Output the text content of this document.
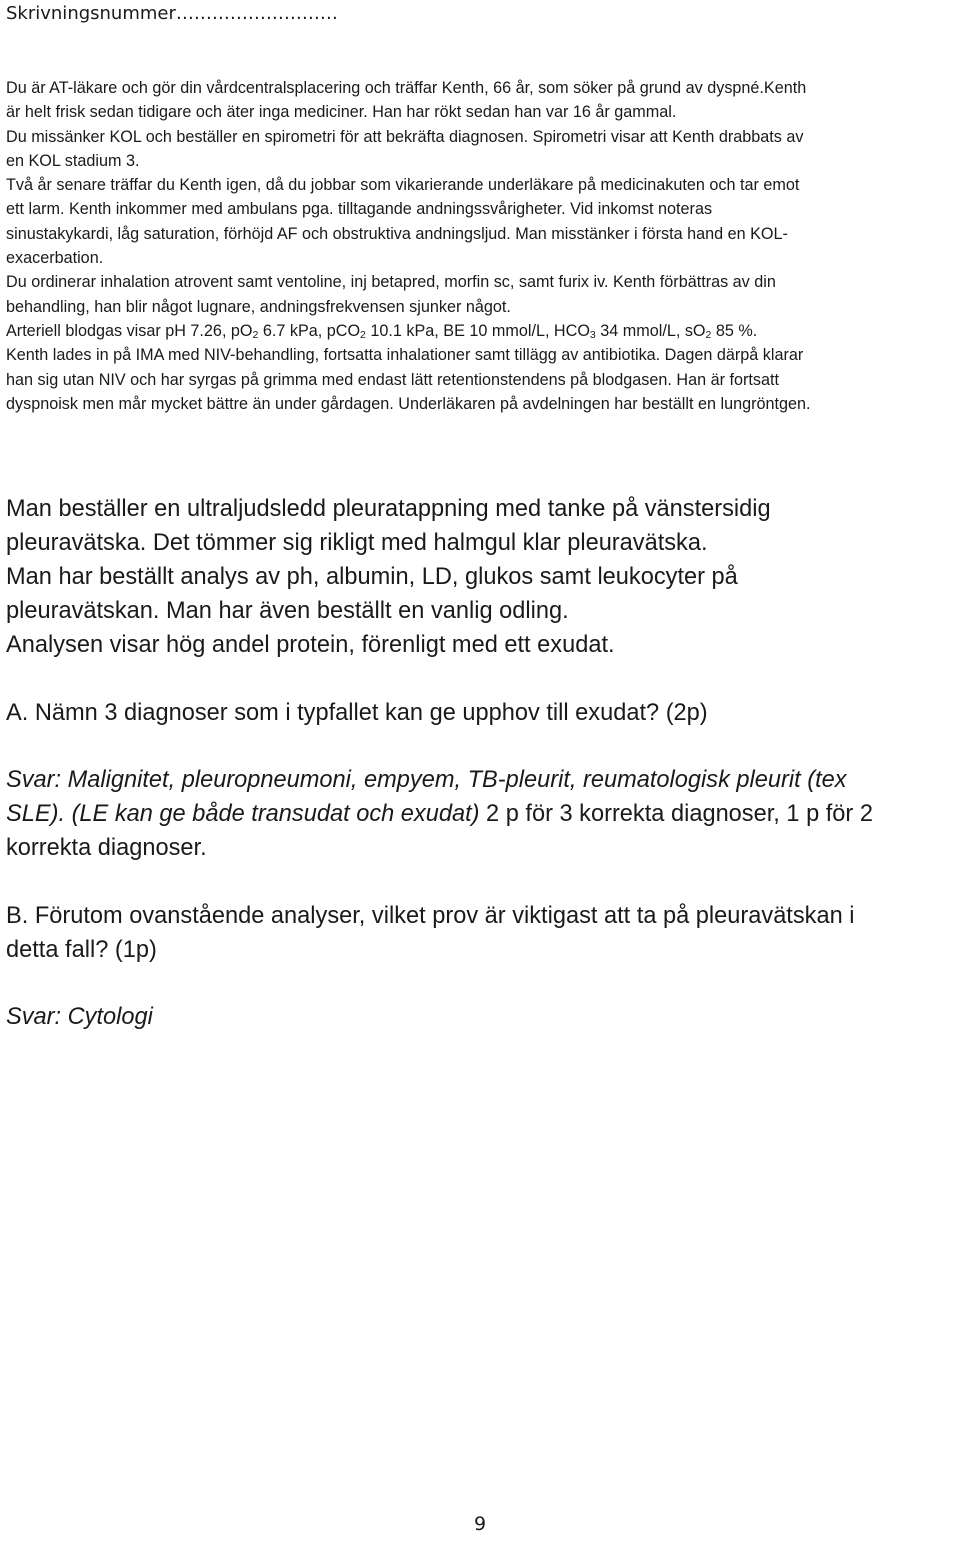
Skrivningsnummer………………………

Du är AT-läkare och gör din vårdcentralsplacering och träffar Kenth, 66 år, som söker på grund av dyspné.Kenth

är helt frisk sedan tidigare och äter inga mediciner. Han har rökt sedan han var 16 år gammal.

Du missänker KOL och beställer en spirometri för att bekräfta diagnosen. Spirometri visar att Kenth drabbats av

en KOL stadium 3.

Två år senare träffar du Kenth igen, då du jobbar som vikarierande underläkare på medicinakuten och tar emot

ett larm. Kenth inkommer med ambulans pga. tilltagande andningssvårigheter. Vid inkomst noteras

sinustakykardi, låg saturation, förhöjd AF och obstruktiva andningsljud. Man misstänker i första hand en KOL-

exacerbation.

Du ordinerar inhalation atrovent samt ventoline, inj betapred, morfin sc, samt furix iv. Kenth förbättras av din

behandling, han blir något lugnare, andningsfrekvensen sjunker något.

Arteriell blodgas visar pH 7.26, $pO_2$ 6.7 kPa, pCO$_2$ 10.1 kPa, BE 10 mmol/L, $HCO_3$ 34 mmol/L, $sO_2$ 85 %.

Kenth lades in på IMA med NIV-behandling, fortsatta inhalationer samt tillägg av antibiotika. Dagen därpå klarar

han sig utan NIV och har syrgas på grimma med endast lätt retentionstendens på blodgasen. Han är fortsatt

dyspnoisk men mår mycket bättre än under gårdagen. Underläkaren på avdelningen har beställt en lungröntgen.

Man beställer en ultraljudsledd pleuratappning med tanke på vänstersidig
pleuravätska. Det tömmer sig rikligt med halmgul klar pleuravätska.
Man har beställt analys av ph, albumin, LD, glukos samt leukocyter på
pleuravätskan. Man har även beställt en vanlig odling.
Analysen visar hög andel protein, förenligt med ett exudat.

A. Nämn 3 diagnoser som i typfallet kan ge upphov till exudat? (2p)

Svar: Malignitet, pleuropneumoni, empyem, TB-pleurit, reumatologisk pleurit (tex
SLE). (LE kan ge både transudat och exudat) 2 p för 3 korrekta diagnoser, 1 p för 2
korrekta diagnoser.

B. Förutom ovanstående analyser, vilket prov är viktigast att ta på pleuravätskan i
detta fall? (1p)

Svar: Cytologi

9
